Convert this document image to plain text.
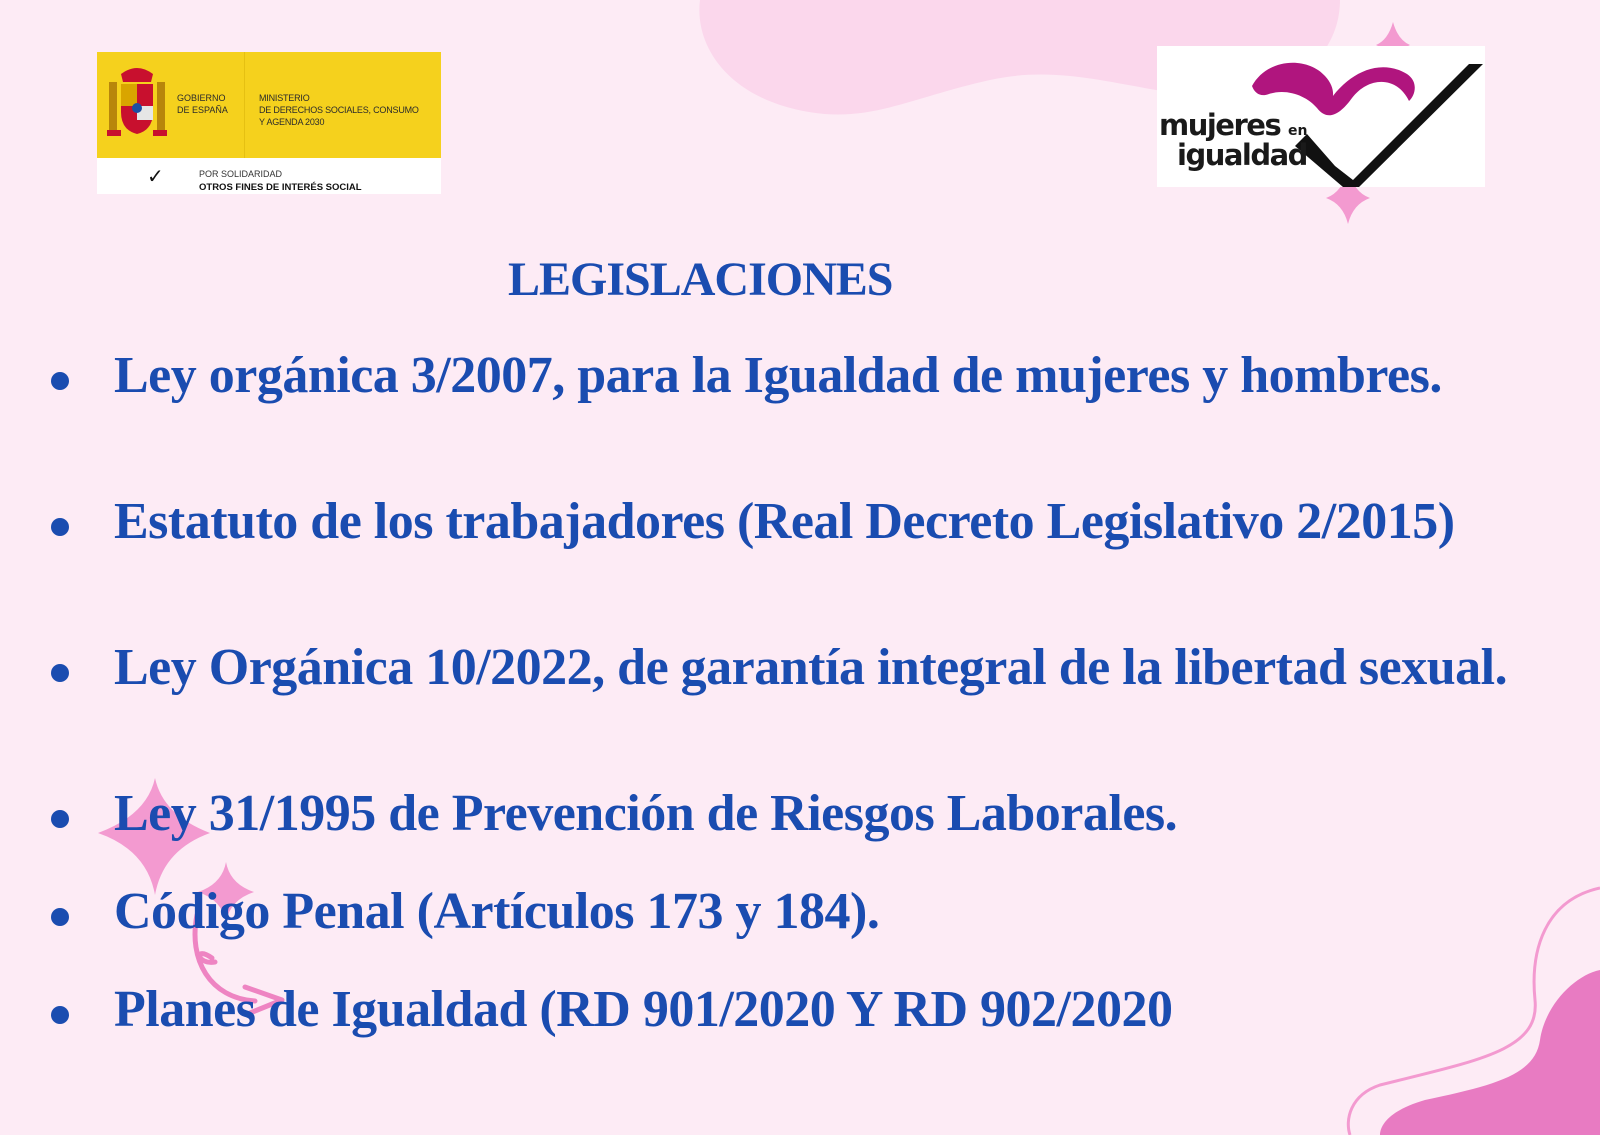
GOBIERNO
DE ESPAÑA
MINISTERIO
DE DERECHOS SOCIALES, CONSUMO
Y AGENDA 2030
✓	POR SOLIDARIDAD
OTROS FINES DE INTERÉS SOCIAL
mujeres en
igualdad
LEGISLACIONES
Ley orgánica 3/2007, para la Igualdad de mujeres y hombres.
Estatuto de los trabajadores (Real Decreto Legislativo 2/2015)
Ley Orgánica 10/2022, de garantía integral de la libertad sexual.
Ley 31/1995 de Prevención de Riesgos Laborales.
Código Penal (Artículos 173 y 184).
Planes de Igualdad (RD 901/2020 Y RD 902/2020
